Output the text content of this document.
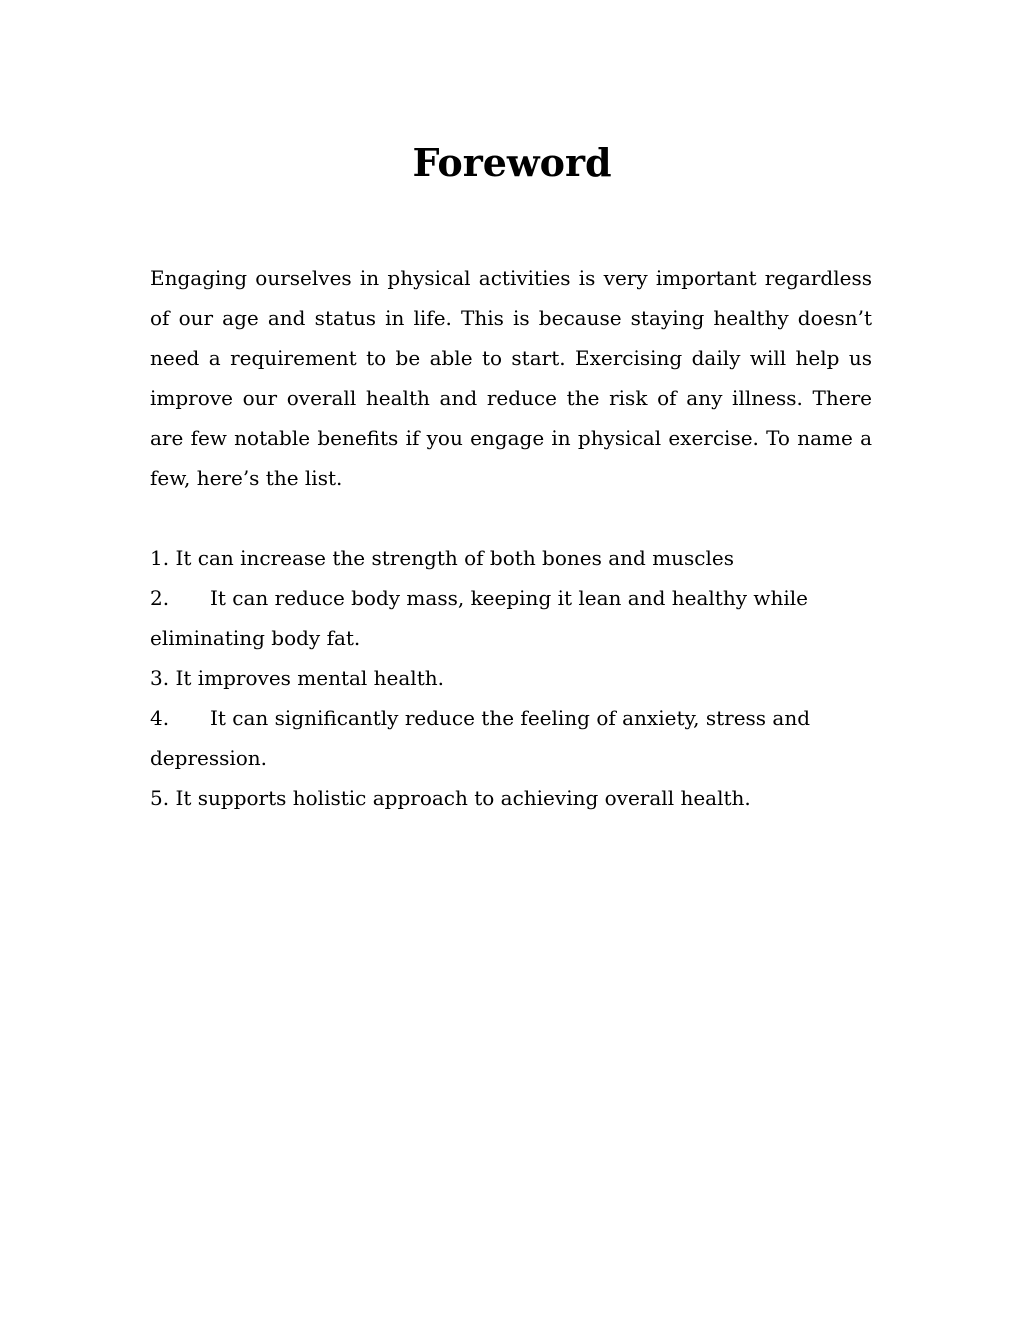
Foreword

Engaging ourselves in physical activities is very important regardless of our age and status in life. This is because staying healthy doesn’t need a requirement to be able to start. Exercising daily will help us improve our overall health and reduce the risk of any illness. There are few notable benefits if you engage in physical exercise. To name a few, here’s the list.

1. It can increase the strength of both bones and muscles
2. It can reduce body mass, keeping it lean and healthy while eliminating body fat.
3. It improves mental health.
4. It can significantly reduce the feeling of anxiety, stress and depression.
5. It supports holistic approach to achieving overall health.
